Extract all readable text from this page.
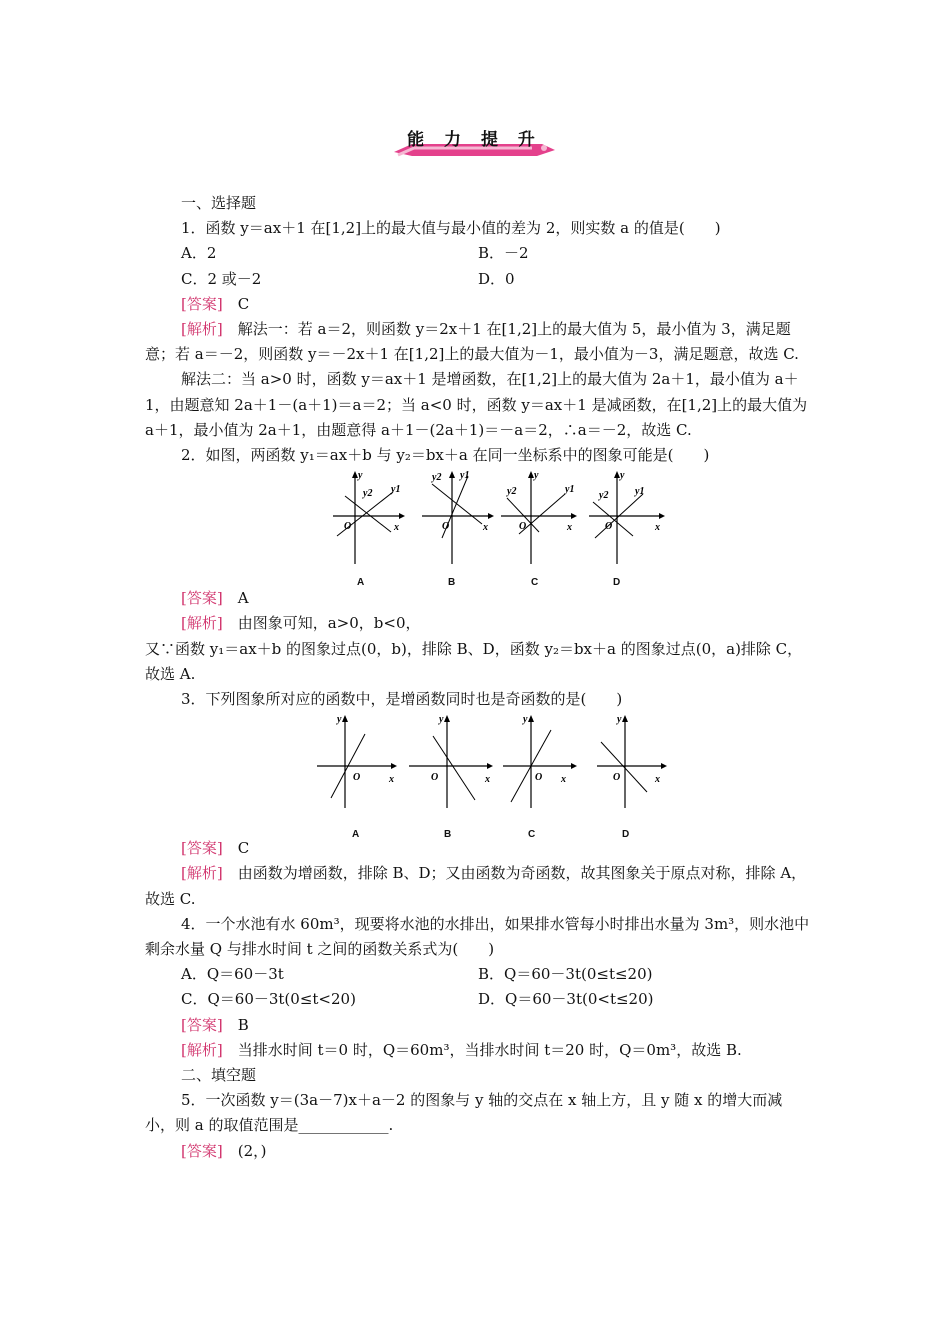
能 力 提 升

一、选择题

1．函数 y＝ax＋1 在[1,2]上的最大值与最小值的差为 2，则实数 a 的值是(　　)

A．2	B．－2
C．2 或－2	D．0

[答案]　 C

[解析]　 解法一：若 a＝2，则函数 y＝2x＋1 在[1,2]上的最大值为 5，最小值为 3，满足题意；若 a＝－2，则函数 y＝－2x＋1 在[1,2]上的最大值为－1，最小值为－3，满足题意，故选 C.

解法二：当 a>0 时，函数 y＝ax＋1 是增函数，在[1,2]上的最大值为 2a＋1，最小值为 a＋1，由题意知 2a＋1－(a＋1)＝a＝2；当 a<0 时，函数 y＝ax＋1 是减函数，在[1,2]上的最大值为 a＋1，最小值为 2a＋1，由题意得 a＋1－(2a＋1)＝－a＝2，∴a＝－2，故选 C.

2．如图，两函数 y₁＝ax＋b 与 y₂＝bx＋a 在同一坐标系中的图象可能是(　　)

y
x
O
y2 y1
y2 y1
x
O
y
y2	y1
x
O
y
y2	y1
x
O
A	B	C	D

[答案]　 A

[解析]　 由图象可知，a>0，b<0，

又∵函数 y₁＝ax＋b 的图象过点(0，b)，排除 B、D，函数 y₂＝bx＋a 的图象过点(0，a)排除 C，故选 A.

3．下列图象所对应的函数中，是增函数同时也是奇函数的是(　　)

y
x
O
y
x
O
y
x
O
y
x
O
A	B	C	D

[答案]　 C

[解析]　 由函数为增函数，排除 B、D；又由函数为奇函数，故其图象关于原点对称，排除 A，故选 C.

4．一个水池有水 60m³，现要将水池的水排出，如果排水管每小时排出水量为 3m³，则水池中剩余水量 Q 与排水时间 t 之间的函数关系式为(　　)

A．Q＝60－3t	B．Q＝60－3t(0≤t≤20)
C．Q＝60－3t(0≤t<20)	D．Q＝60－3t(0<t≤20)

[答案]　 B

[解析]　 当排水时间 t＝0 时，Q＝60m³，当排水时间 t＝20 时，Q＝0m³，故选 B.

二、填空题

5．一次函数 y＝(3a－7)x＋a－2 的图象与 y 轴的交点在 x 轴上方，且 y 随 x 的增大而减小，则 a 的取值范围是____________.

[答案]　 (2，)
